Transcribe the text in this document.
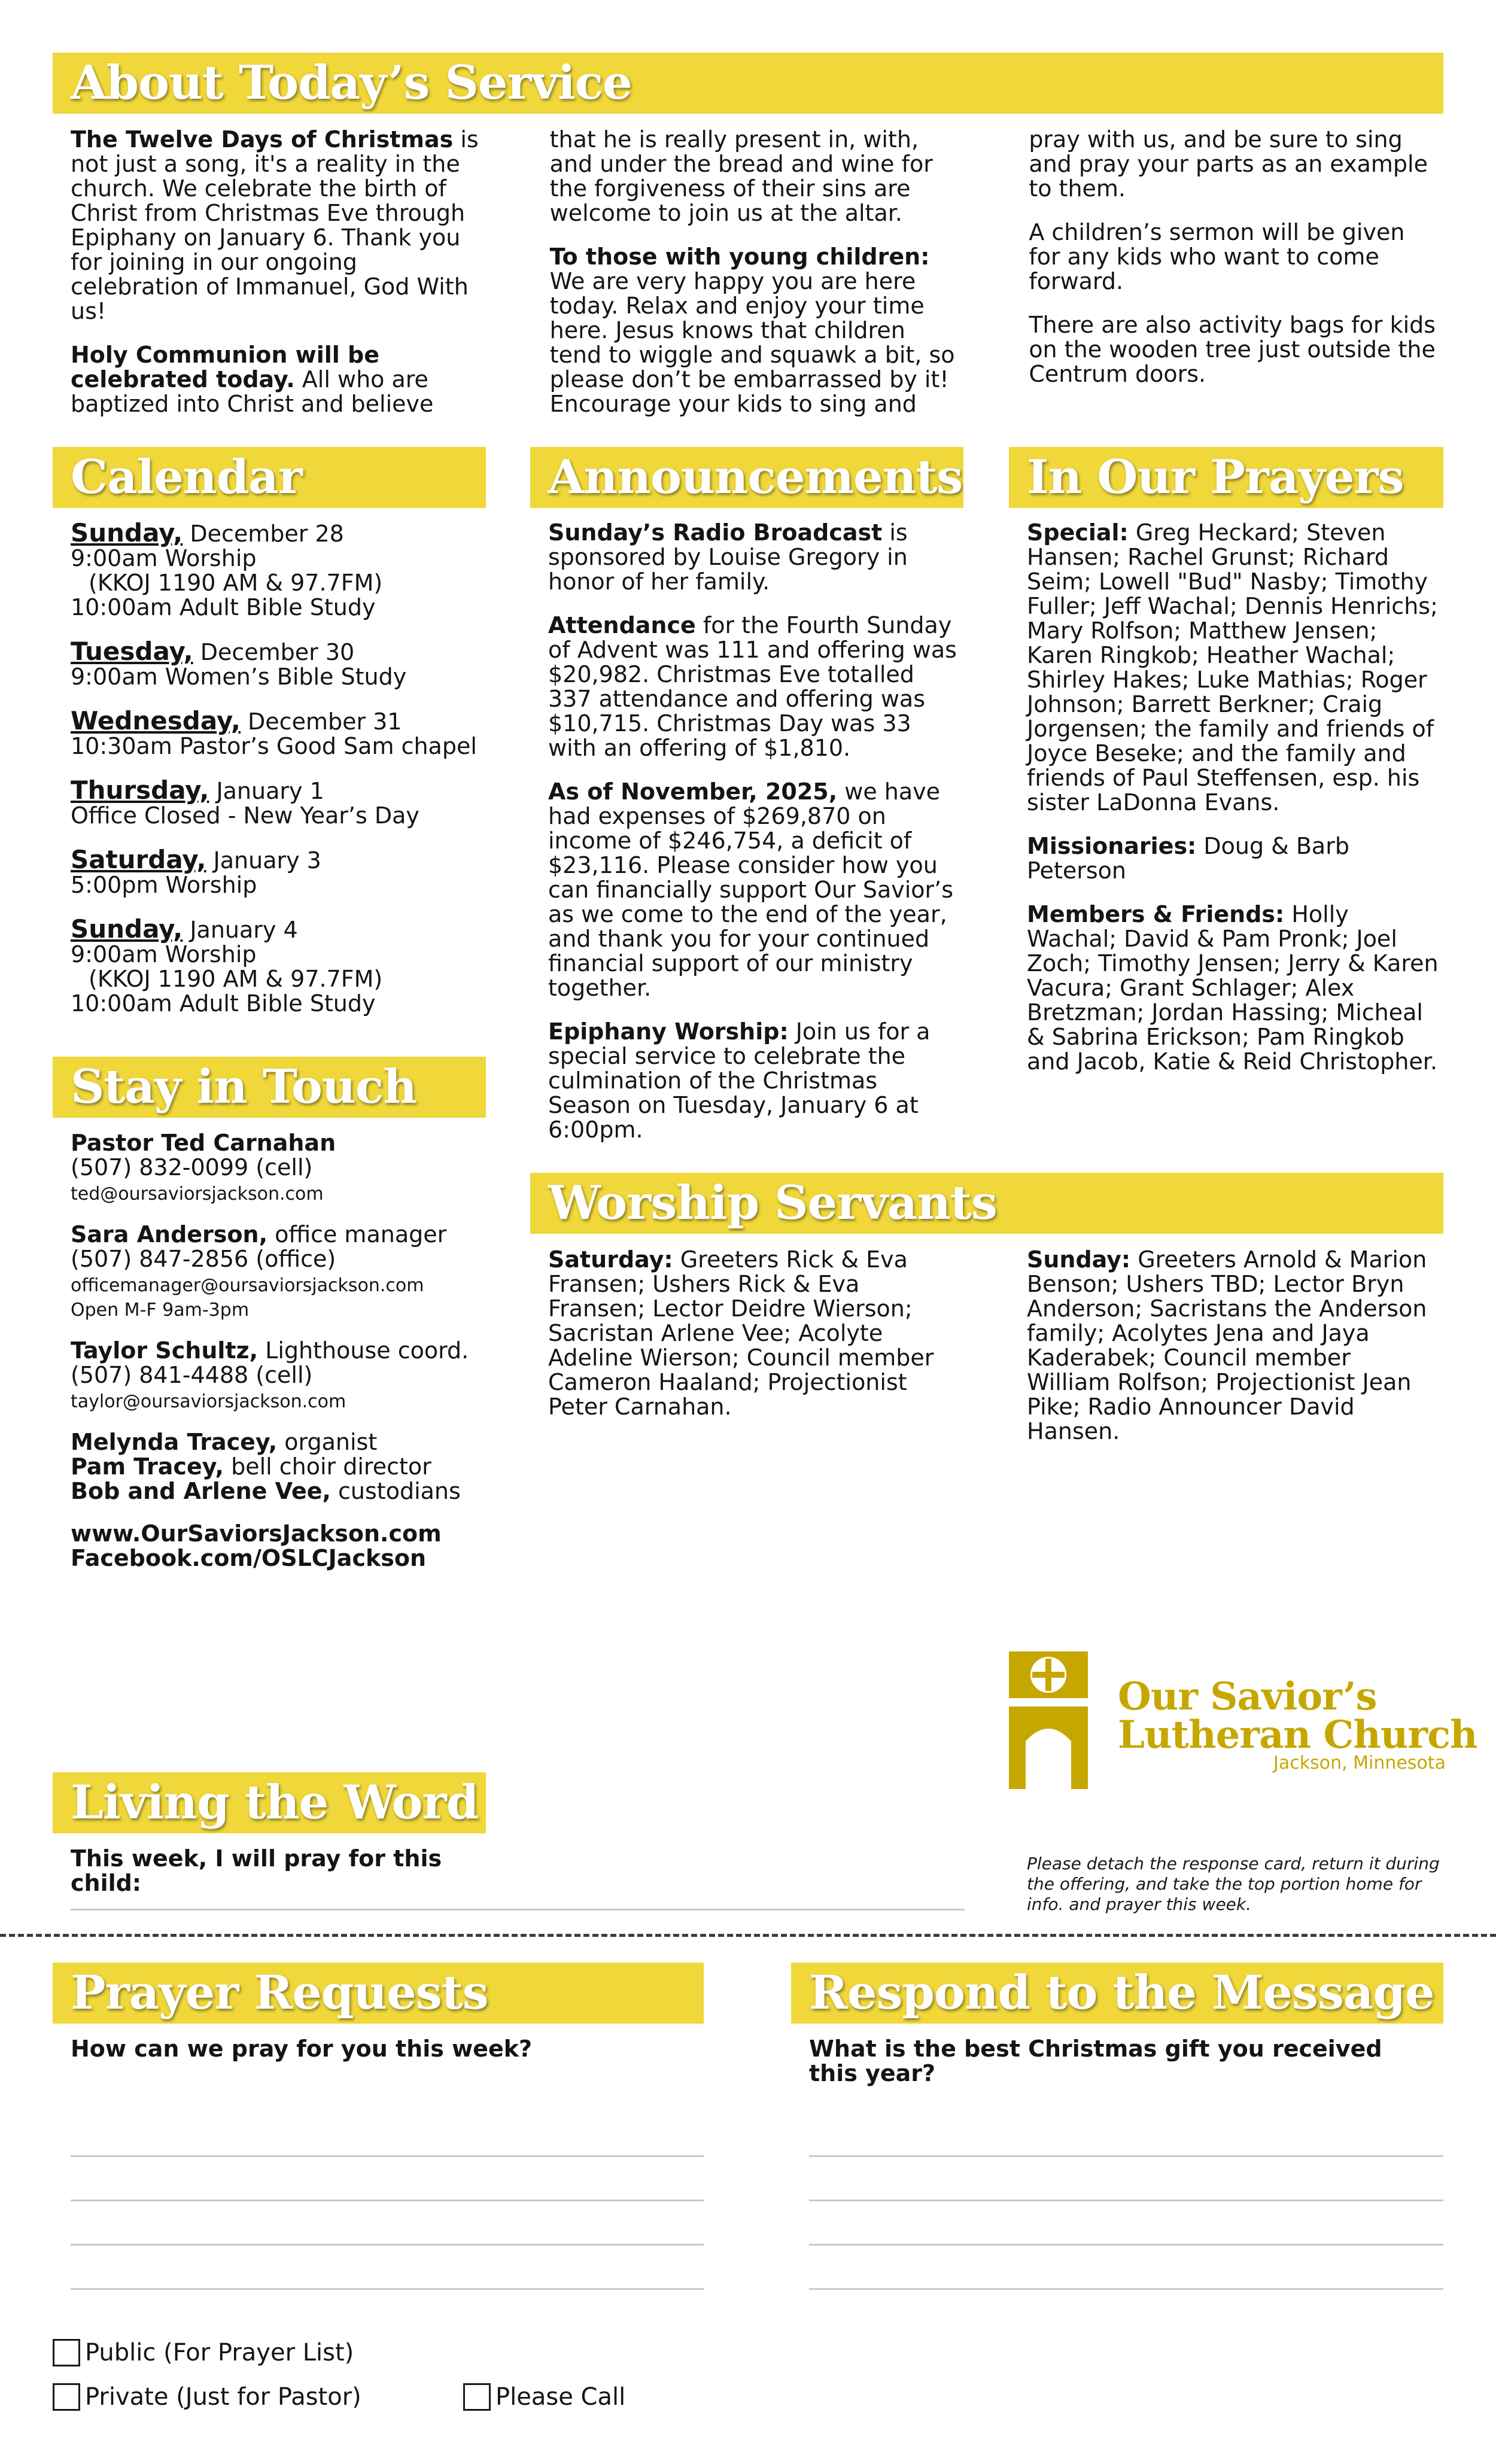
About Today’s Service

The Twelve Days of Christmas is not just a song, it's a reality in the church. We celebrate the birth of Christ from Christmas Eve through Epiphany on January 6. Thank you for joining in our ongoing celebration of Immanuel, God With us!

Holy Communion will be celebrated today. All who are baptized into Christ and believe that he is really present in, with, and under the bread and wine for the forgiveness of their sins are welcome to join us at the altar.

To those with young children: We are very happy you are here today. Relax and enjoy your time here. Jesus knows that children tend to wiggle and squawk a bit, so please don’t be embarrassed by it! Encourage your kids to sing and pray with us, and be sure to sing and pray your parts as an example to them.

A children’s sermon will be given for any kids who want to come forward.

There are also activity bags for kids on the wooden tree just outside the Centrum doors.

Calendar
Sunday, December 28
9:00am Worship
(KKOJ 1190 AM & 97.7FM)
10:00am Adult Bible Study
Tuesday, December 30
9:00am Women’s Bible Study
Wednesday, December 31
10:30am Pastor’s Good Sam chapel
Thursday, January 1
Office Closed - New Year’s Day
Saturday, January 3
5:00pm Worship
Sunday, January 4
9:00am Worship
(KKOJ 1190 AM & 97.7FM)
10:00am Adult Bible Study
Stay in Touch

Pastor Ted Carnahan
(507) 832-0099 (cell)
ted@oursaviorsjackson.com

Sara Anderson, office manager
(507) 847-2856 (office)
officemanager@oursaviorsjackson.com
Open M-F 9am-3pm

Taylor Schultz, Lighthouse coord.
(507) 841-4488 (cell)
taylor@oursaviorsjackson.com

Melynda Tracey, organist
Pam Tracey, bell choir director
Bob and Arlene Vee, custodians

www.OurSaviorsJackson.com
Facebook.com/OSLCJackson

Announcements

Sunday’s Radio Broadcast is sponsored by Louise Gregory in honor of her family.

Attendance for the Fourth Sunday of Advent was 111 and offering was $20,982. Christmas Eve totalled 337 attendance and offering was $10,715. Christmas Day was 33 with an offering of $1,810.

As of November, 2025, we have had expenses of $269,870 on income of $246,754, a deficit of $23,116. Please consider how you can financially support Our Savior’s as we come to the end of the year, and thank you for your continued financial support of our ministry together.

Epiphany Worship: Join us for a special service to celebrate the culmination of the Christmas Season on Tuesday, January 6 at 6:00pm.

In Our Prayers

Special: Greg Heckard; Steven Hansen; Rachel Grunst; Richard Seim; Lowell "Bud" Nasby; Timothy Fuller; Jeff Wachal; Dennis Henrichs; Mary Rolfson; Matthew Jensen; Karen Ringkob; Heather Wachal; Shirley Hakes; Luke Mathias; Roger Johnson; Barrett Berkner; Craig Jorgensen; the family and friends of Joyce Beseke; and the family and friends of Paul Steffensen, esp. his sister LaDonna Evans.

Missionaries: Doug & Barb Peterson

Members & Friends: Holly Wachal; David & Pam Pronk; Joel Zoch; Timothy Jensen; Jerry & Karen Vacura; Grant Schlager; Alex Bretzman; Jordan Hassing; Micheal & Sabrina Erickson; Pam Ringkob and Jacob, Katie & Reid Christopher.

Worship Servants
Saturday: Greeters Rick & Eva Fransen; Ushers Rick & Eva Fransen; Lector Deidre Wierson; Sacristan Arlene Vee; Acolyte Adeline Wierson; Council member Cameron Haaland; Projectionist Peter Carnahan.
Sunday: Greeters Arnold & Marion Benson; Ushers TBD; Lector Bryn Anderson; Sacristans the Anderson family; Acolytes Jena and Jaya Kaderabek; Council member William Rolfson; Projectionist Jean Pike; Radio Announcer David Hansen.
Our Savior’s
Lutheran Church
Jackson, Minnesota
Living the Word
This week, I will pray for this child:
Please detach the response card, return it during the offering, and take the top portion home for info. and prayer this week.
Prayer Requests
How can we pray for you this week?
Respond to the Message
What is the best Christmas gift you received this year?
Public (For Prayer List)
Private (Just for Pastor)	Please Call
